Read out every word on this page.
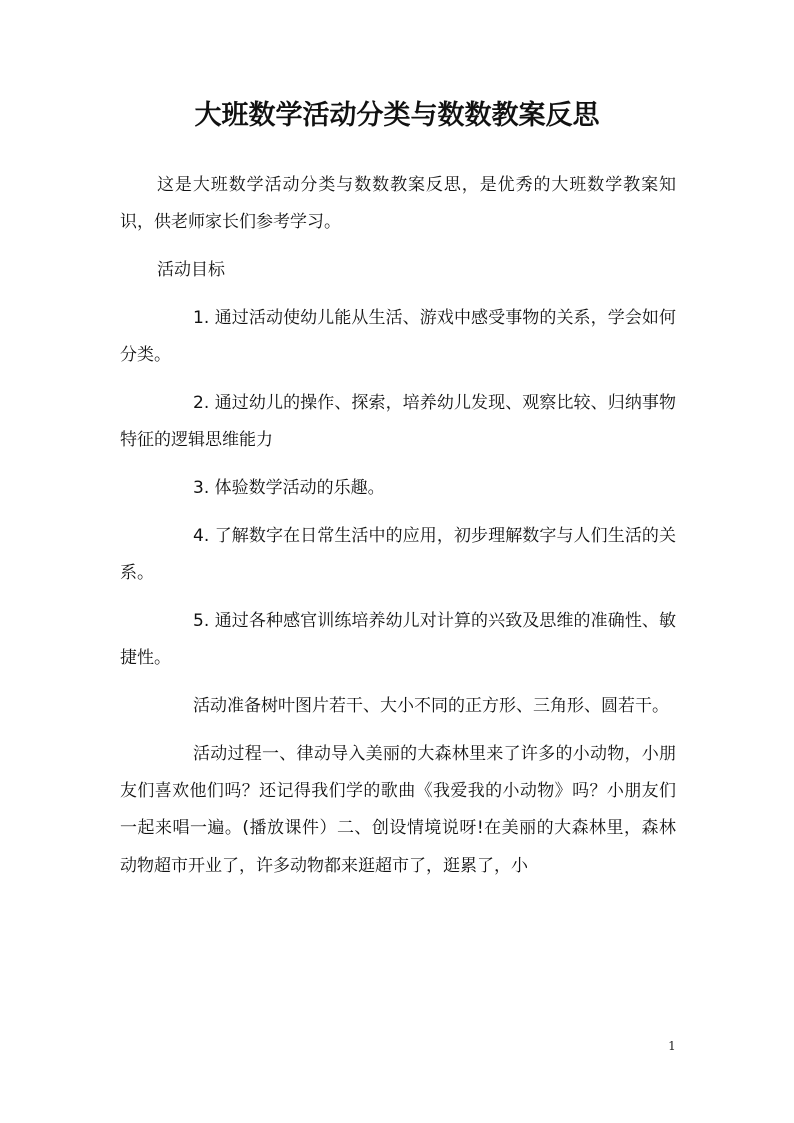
大班数学活动分类与数数教案反思

这是大班数学活动分类与数数教案反思，是优秀的大班数学教案知识，供老师家长们参考学习。

活动目标

1. 通过活动使幼儿能从生活、游戏中感受事物的关系，学会如何分类。

2. 通过幼儿的操作、探索，培养幼儿发现、观察比较、归纳事物特征的逻辑思维能力

3. 体验数学活动的乐趣。

4. 了解数字在日常生活中的应用，初步理解数字与人们生活的关系。

5. 通过各种感官训练培养幼儿对计算的兴致及思维的准确性、敏捷性。

活动准备树叶图片若干、大小不同的正方形、三角形、圆若干。

活动过程一、律动导入美丽的大森林里来了许多的小动物，小朋友们喜欢他们吗？还记得我们学的歌曲《我爱我的小动物》吗？小朋友们一起来唱一遍。(播放课件）二、创设情境说呀!在美丽的大森林里，森林动物超市开业了，许多动物都来逛超市了，逛累了，小

1
